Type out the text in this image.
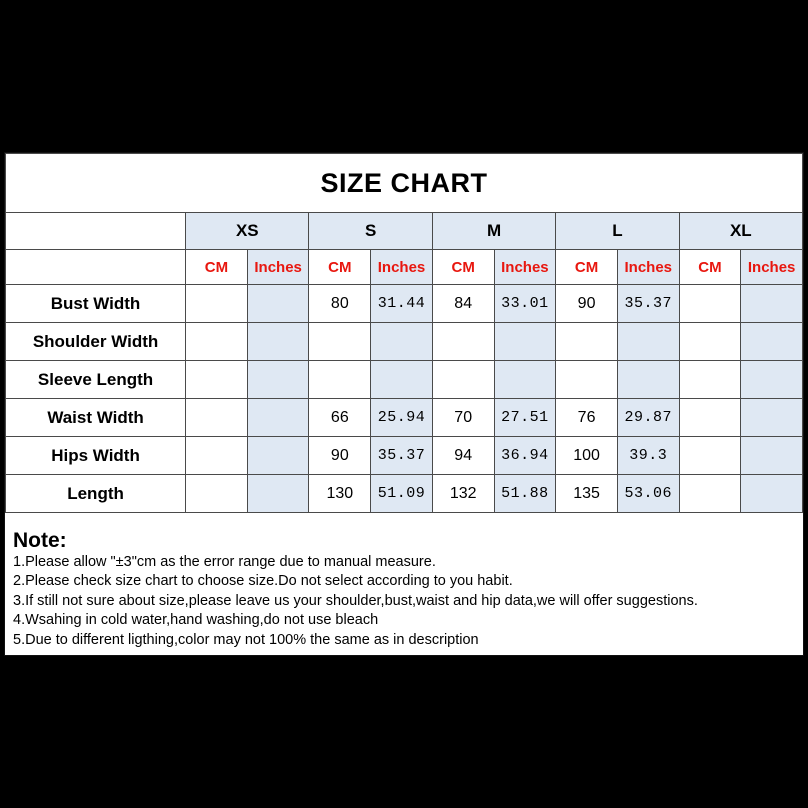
SIZE CHART										
	XS		S		M		L		XL	
	CM	Inches	CM	Inches	CM	Inches	CM	Inches	CM	Inches
Bust Width			80	31.44	84	33.01	90	35.37		
Shoulder Width										
Sleeve Length										
Waist Width			66	25.94	70	27.51	76	29.87		
Hips Width			90	35.37	94	36.94	100	39.3		
Length			130	51.09	132	51.88	135	53.06		
Note:
1.Please allow "±3"cm as the error range due to manual measure.
2.Please check size chart to choose size.Do not select according to you habit.
3.If still not sure about size,please leave us your shoulder,bust,waist and hip data,we will offer suggestions.
4.Wsahing in cold water,hand washing,do not use bleach
5.Due to different ligthing,color may not 100% the same as in description
